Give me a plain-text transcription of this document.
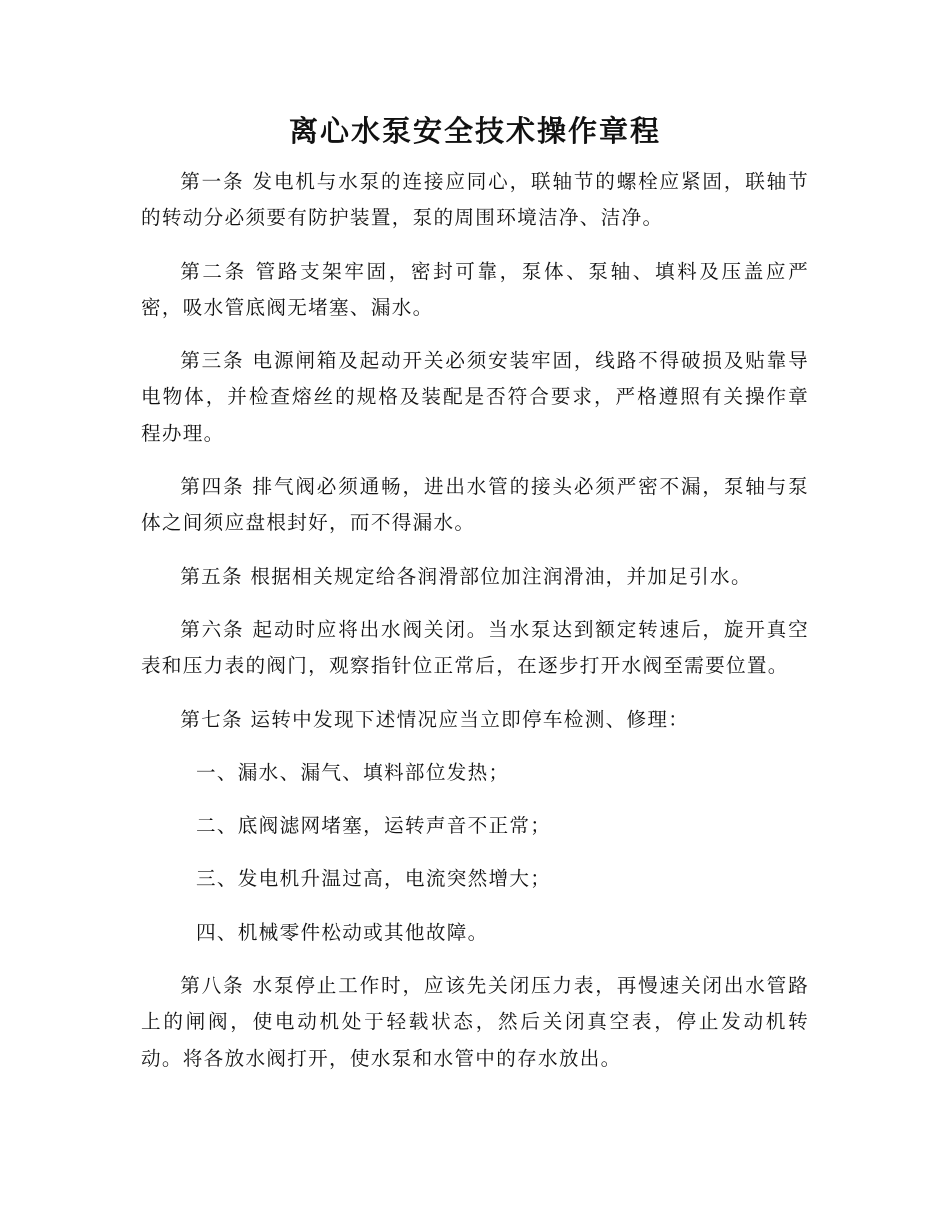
离心水泵安全技术操作章程

第一条 发电机与水泵的连接应同心，联轴节的螺栓应紧固，联轴节的转动分必须要有防护装置，泵的周围环境洁净、洁净。

第二条 管路支架牢固，密封可靠，泵体、泵轴、填料及压盖应严密，吸水管底阀无堵塞、漏水。

第三条 电源闸箱及起动开关必须安装牢固，线路不得破损及贴靠导电物体，并检查熔丝的规格及装配是否符合要求，严格遵照有关操作章程办理。

第四条 排气阀必须通畅，进出水管的接头必须严密不漏，泵轴与泵体之间须应盘根封好，而不得漏水。

第五条 根据相关规定给各润滑部位加注润滑油，并加足引水。

第六条 起动时应将出水阀关闭。当水泵达到额定转速后，旋开真空表和压力表的阀门，观察指针位正常后，在逐步打开水阀至需要位置。

第七条 运转中发现下述情况应当立即停车检测、修理：

一、漏水、漏气、填料部位发热；

二、底阀滤网堵塞，运转声音不正常；

三、发电机升温过高，电流突然增大；

四、机械零件松动或其他故障。

第八条 水泵停止工作时，应该先关闭压力表，再慢速关闭出水管路上的闸阀，使电动机处于轻载状态，然后关闭真空表，停止发动机转动。将各放水阀打开，使水泵和水管中的存水放出。
